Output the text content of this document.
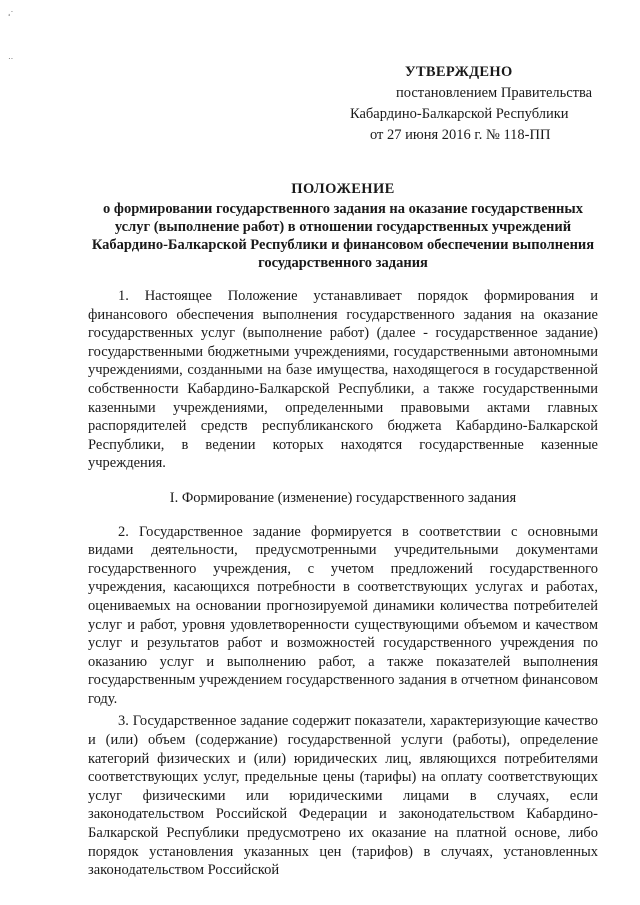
¸·
··
УТВЕРЖДЕНО
постановлением Правительства
Кабардино-Балкарской Республики
от 27 июня 2016 г. № 118-ПП
ПОЛОЖЕНИЕ
о формировании государственного задания на оказание государственных услуг (выполнение работ) в отношении государственных учреждений Кабардино-Балкарской Республики и финансовом обеспечении выполнения государственного задания

1. Настоящее Положение устанавливает порядок формирования и финансового обеспечения выполнения государственного задания на оказание государственных услуг (выполнение работ) (далее - государственное задание) государственными бюджетными учреждениями, государственными автономными учреждениями, созданными на базе имущества, находящегося в государственной собственности Кабардино-Балкарской Республики, а также государственными казенными учреждениями, определенными правовыми актами главных распорядителей средств республиканского бюджета Кабардино-Балкарской Республики, в ведении которых находятся государственные казенные учреждения.

I. Формирование (изменение) государственного задания

2. Государственное задание формируется в соответствии с основными видами деятельности, предусмотренными учредительными документами государственного учреждения, с учетом предложений государственного учреждения, касающихся потребности в соответствующих услугах и работах, оцениваемых на основании прогнозируемой динамики количества потребителей услуг и работ, уровня удовлетворенности существующими объемом и качеством услуг и результатов работ и возможностей государственного учреждения по оказанию услуг и выполнению работ, а также показателей выполнения государственным учреждением государственного задания в отчетном финансовом году.

3. Государственное задание содержит показатели, характеризующие качество и (или) объем (содержание) государственной услуги (работы), определение категорий физических и (или) юридических лиц, являющихся потребителями соответствующих услуг, предельные цены (тарифы) на оплату соответствующих услуг физическими или юридическими лицами в случаях, если законодательством Российской Федерации и законодательством Кабардино-Балкарской Республики предусмотрено их оказание на платной основе, либо порядок установления указанных цен (тарифов) в случаях, установленных законодательством Российской
